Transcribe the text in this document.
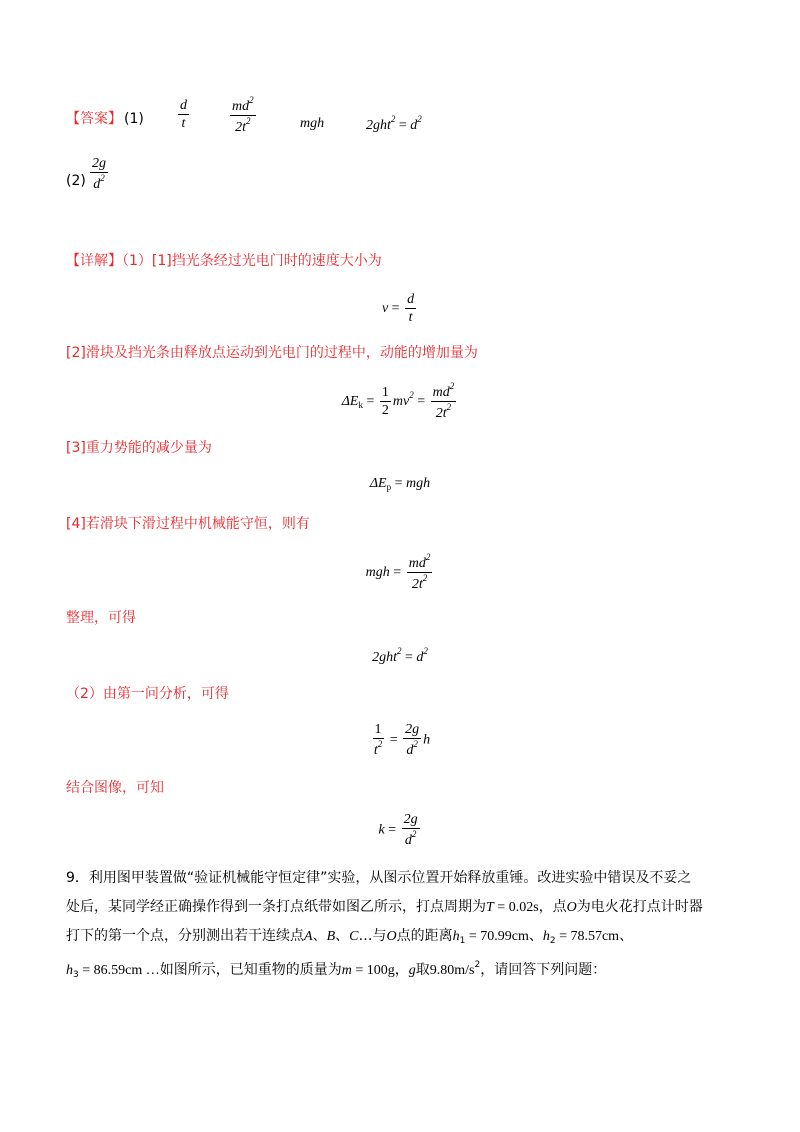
【答案】 $(1) \frac{d}{t}$	$\frac{md^2}{2t^2}$	mgh	$2ght^2 = d^2$
$(2) \frac{2g}{d^2}$
【详解】（1）[1]挡光条经过光电门时的速度大小为
$v = \frac{d}{t}$
[2]滑块及挡光条由释放点运动到光电门的过程中，动能的增加量为
$\Delta E_k = \frac{1}{2} mv^2 = \frac{md^2}{2t^2}$
[3]重力势能的减少量为
$\Delta E_p$ = mgh
[4]若滑块下滑过程中机械能守恒，则有
mgh = $\frac{md^2}{2t^2}$
整理，可得
$2ght^2 = d^2$
（2）由第一问分析，可得
$\frac{1}{t^2} = \frac{2g}{d^2}$ h
结合图像，可知
$k = \frac{2g}{d^2}$
9．利用图甲装置做“验证机械能守恒定律”实验，从图示位置开始释放重锤。改进实验中错误及不妥之
处后，某同学经正确操作得到一条打点纸带如图乙所示，打点周期为T = 0.02s，点O为电火花打点计时器
打下的第一个点，分别测出若干连续点A、B、C…与O点的距离$h_1 = 70.99cm$、$h_2 = 78.57cm$、
$h_3 = 86.59cm$ …如图所示，已知重物的质量为m = 100g，g取$9.80m/s^2$，请回答下列问题：
